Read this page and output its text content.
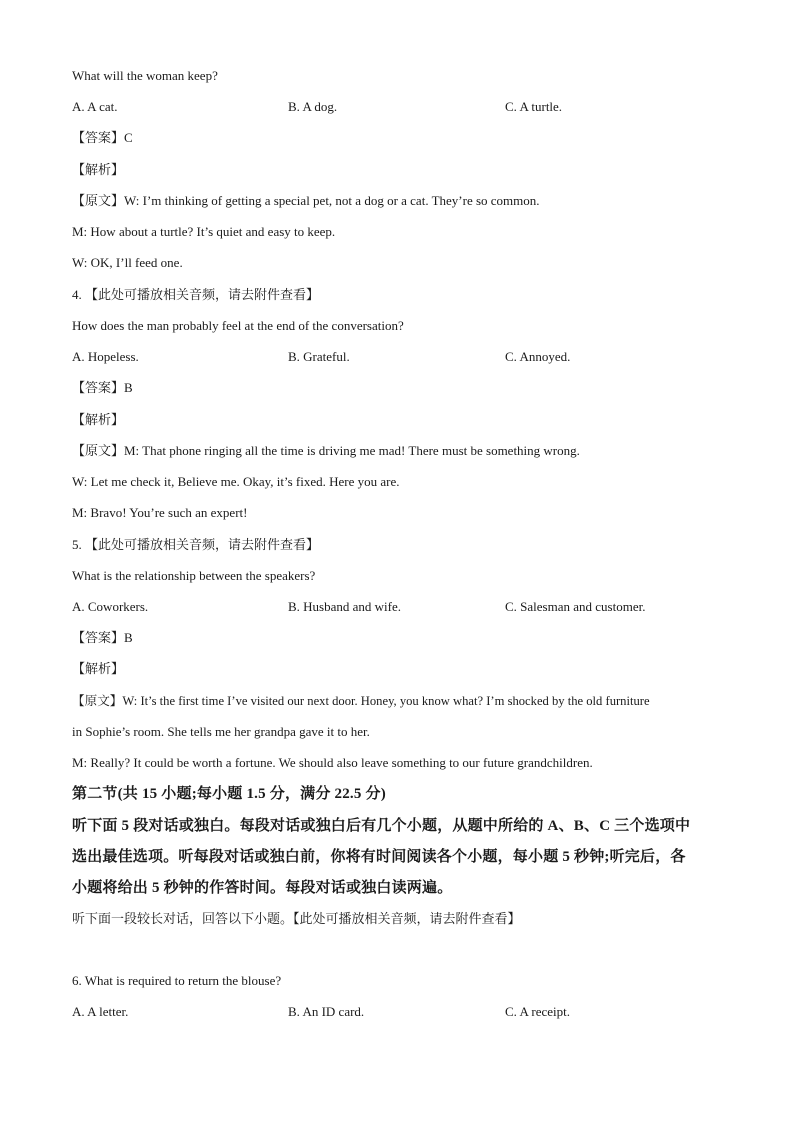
What will the woman keep?
A. A cat.	B. A dog.	C. A turtle.
【答案】C
【解析】
【原文】W: I’m thinking of getting a special pet, not a dog or a cat. They’re so common.
M: How about a turtle? It’s quiet and easy to keep.
W: OK, I’ll feed one.
4. 【此处可播放相关音频，请去附件查看】
How does the man probably feel at the end of the conversation?
A. Hopeless.	B. Grateful.	C. Annoyed.
【答案】B
【解析】
【原文】M: That phone ringing all the time is driving me mad! There must be something wrong.
W: Let me check it, Believe me. Okay, it’s fixed. Here you are.
M: Bravo! You’re such an expert!
5. 【此处可播放相关音频，请去附件查看】
What is the relationship between the speakers?
A. Coworkers.	B. Husband and wife.	C. Salesman and customer.
【答案】B
【解析】
【原文】W: It’s the first time I’ve visited our next door. Honey, you know what? I’m shocked by the old furniture
in Sophie’s room. She tells me her grandpa gave it to her.
M: Really? It could be worth a fortune. We should also leave something to our future grandchildren.
第二节(共 15 小题;每小题 1.5 分，满分 22.5 分)
听下面 5 段对话或独白。每段对话或独白后有几个小题，从题中所给的 A、B、C 三个选项中
选出最佳选项。听每段对话或独白前，你将有时间阅读各个小题，每小题 5 秒钟;听完后，各
小题将给出 5 秒钟的作答时间。每段对话或独白读两遍。
听下面一段较长对话，回答以下小题。【此处可播放相关音频，请去附件查看】
6. What is required to return the blouse?
A. A letter.	B. An ID card.	C. A receipt.
